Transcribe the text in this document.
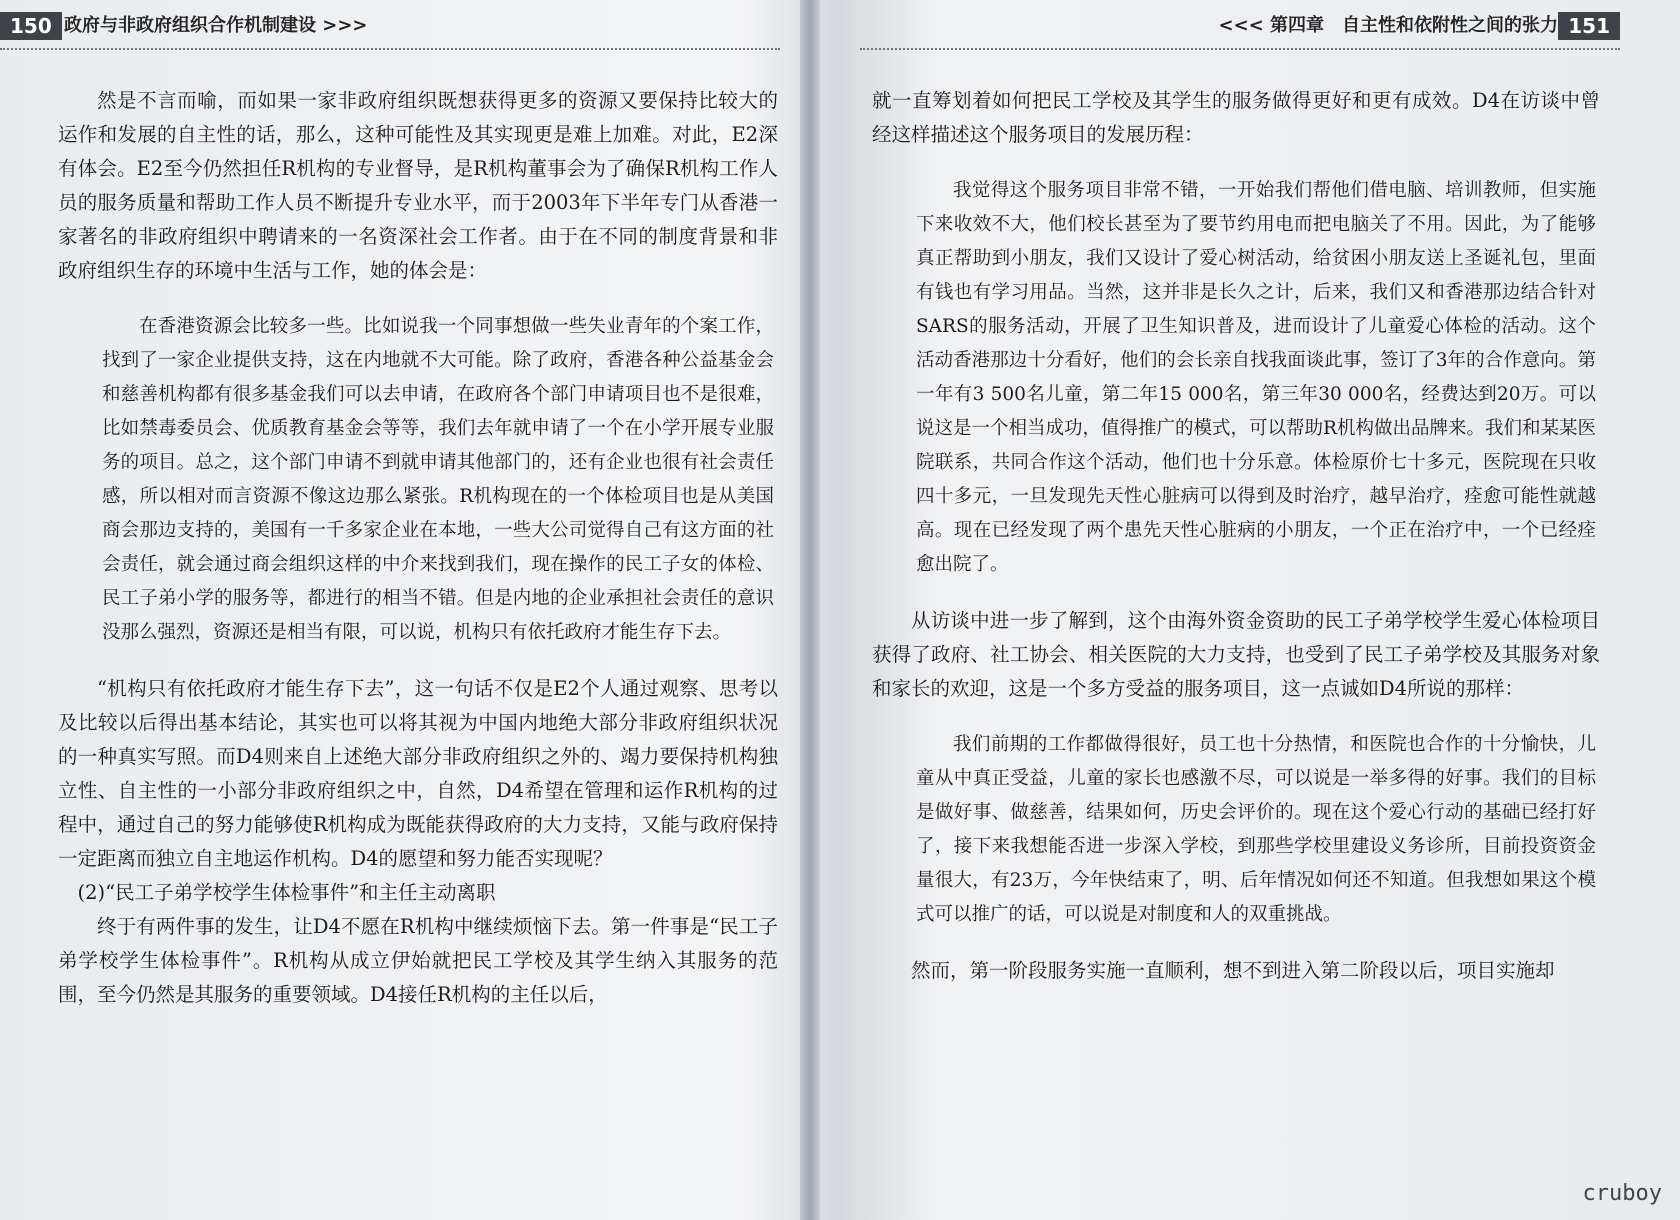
150 政府与非政府组织合作机制建设 >>>

然是不言而喻，而如果一家非政府组织既想获得更多的资源又要保持比较大的运作和发展的自主性的话，那么，这种可能性及其实现更是难上加难。对此，E2深有体会。E2至今仍然担任R机构的专业督导，是R机构董事会为了确保R机构工作人员的服务质量和帮助工作人员不断提升专业水平，而于2003年下半年专门从香港一家著名的非政府组织中聘请来的一名资深社会工作者。由于在不同的制度背景和非政府组织生存的环境中生活与工作，她的体会是：

在香港资源会比较多一些。比如说我一个同事想做一些失业青年的个案工作，找到了一家企业提供支持，这在内地就不大可能。除了政府，香港各种公益基金会和慈善机构都有很多基金我们可以去申请，在政府各个部门申请项目也不是很难，比如禁毒委员会、优质教育基金会等等，我们去年就申请了一个在小学开展专业服务的项目。总之，这个部门申请不到就申请其他部门的，还有企业也很有社会责任感，所以相对而言资源不像这边那么紧张。R机构现在的一个体检项目也是从美国商会那边支持的，美国有一千多家企业在本地，一些大公司觉得自己有这方面的社会责任，就会通过商会组织这样的中介来找到我们，现在操作的民工子女的体检、民工子弟小学的服务等，都进行的相当不错。但是内地的企业承担社会责任的意识没那么强烈，资源还是相当有限，可以说，机构只有依托政府才能生存下去。

“机构只有依托政府才能生存下去”，这一句话不仅是E2个人通过观察、思考以及比较以后得出基本结论，其实也可以将其视为中国内地绝大部分非政府组织状况的一种真实写照。而D4则来自上述绝大部分非政府组织之外的、竭力要保持机构独立性、自主性的一小部分非政府组织之中，自然，D4希望在管理和运作R机构的过程中，通过自己的努力能够使R机构成为既能获得政府的大力支持，又能与政府保持一定距离而独立自主地运作机构。D4的愿望和努力能否实现呢？

(2)“民工子弟学校学生体检事件”和主任主动离职

终于有两件事的发生，让D4不愿在R机构中继续烦恼下去。第一件事是“民工子弟学校学生体检事件”。R机构从成立伊始就把民工学校及其学生纳入其服务的范围，至今仍然是其服务的重要领域。D4接任R机构的主任以后，

<<< 第四章　自主性和依附性之间的张力 151

就一直筹划着如何把民工学校及其学生的服务做得更好和更有成效。D4在访谈中曾经这样描述这个服务项目的发展历程：

我觉得这个服务项目非常不错，一开始我们帮他们借电脑、培训教师，但实施下来收效不大，他们校长甚至为了要节约用电而把电脑关了不用。因此，为了能够真正帮助到小朋友，我们又设计了爱心树活动，给贫困小朋友送上圣诞礼包，里面有钱也有学习用品。当然，这并非是长久之计，后来，我们又和香港那边结合针对SARS的服务活动，开展了卫生知识普及，进而设计了儿童爱心体检的活动。这个活动香港那边十分看好，他们的会长亲自找我面谈此事，签订了3年的合作意向。第一年有3 500名儿童，第二年15 000名，第三年30 000名，经费达到20万。可以说这是一个相当成功，值得推广的模式，可以帮助R机构做出品牌来。我们和某某医院联系，共同合作这个活动，他们也十分乐意。体检原价七十多元，医院现在只收四十多元，一旦发现先天性心脏病可以得到及时治疗，越早治疗，痊愈可能性就越高。现在已经发现了两个患先天性心脏病的小朋友，一个正在治疗中，一个已经痊愈出院了。

从访谈中进一步了解到，这个由海外资金资助的民工子弟学校学生爱心体检项目获得了政府、社工协会、相关医院的大力支持，也受到了民工子弟学校及其服务对象和家长的欢迎，这是一个多方受益的服务项目，这一点诚如D4所说的那样：

我们前期的工作都做得很好，员工也十分热情，和医院也合作的十分愉快，儿童从中真正受益，儿童的家长也感激不尽，可以说是一举多得的好事。我们的目标是做好事、做慈善，结果如何，历史会评价的。现在这个爱心行动的基础已经打好了，接下来我想能否进一步深入学校，到那些学校里建设义务诊所，目前投资资金量很大，有23万，今年快结束了，明、后年情况如何还不知道。但我想如果这个模式可以推广的话，可以说是对制度和人的双重挑战。

然而，第一阶段服务实施一直顺利，想不到进入第二阶段以后，项目实施却

cruboy
